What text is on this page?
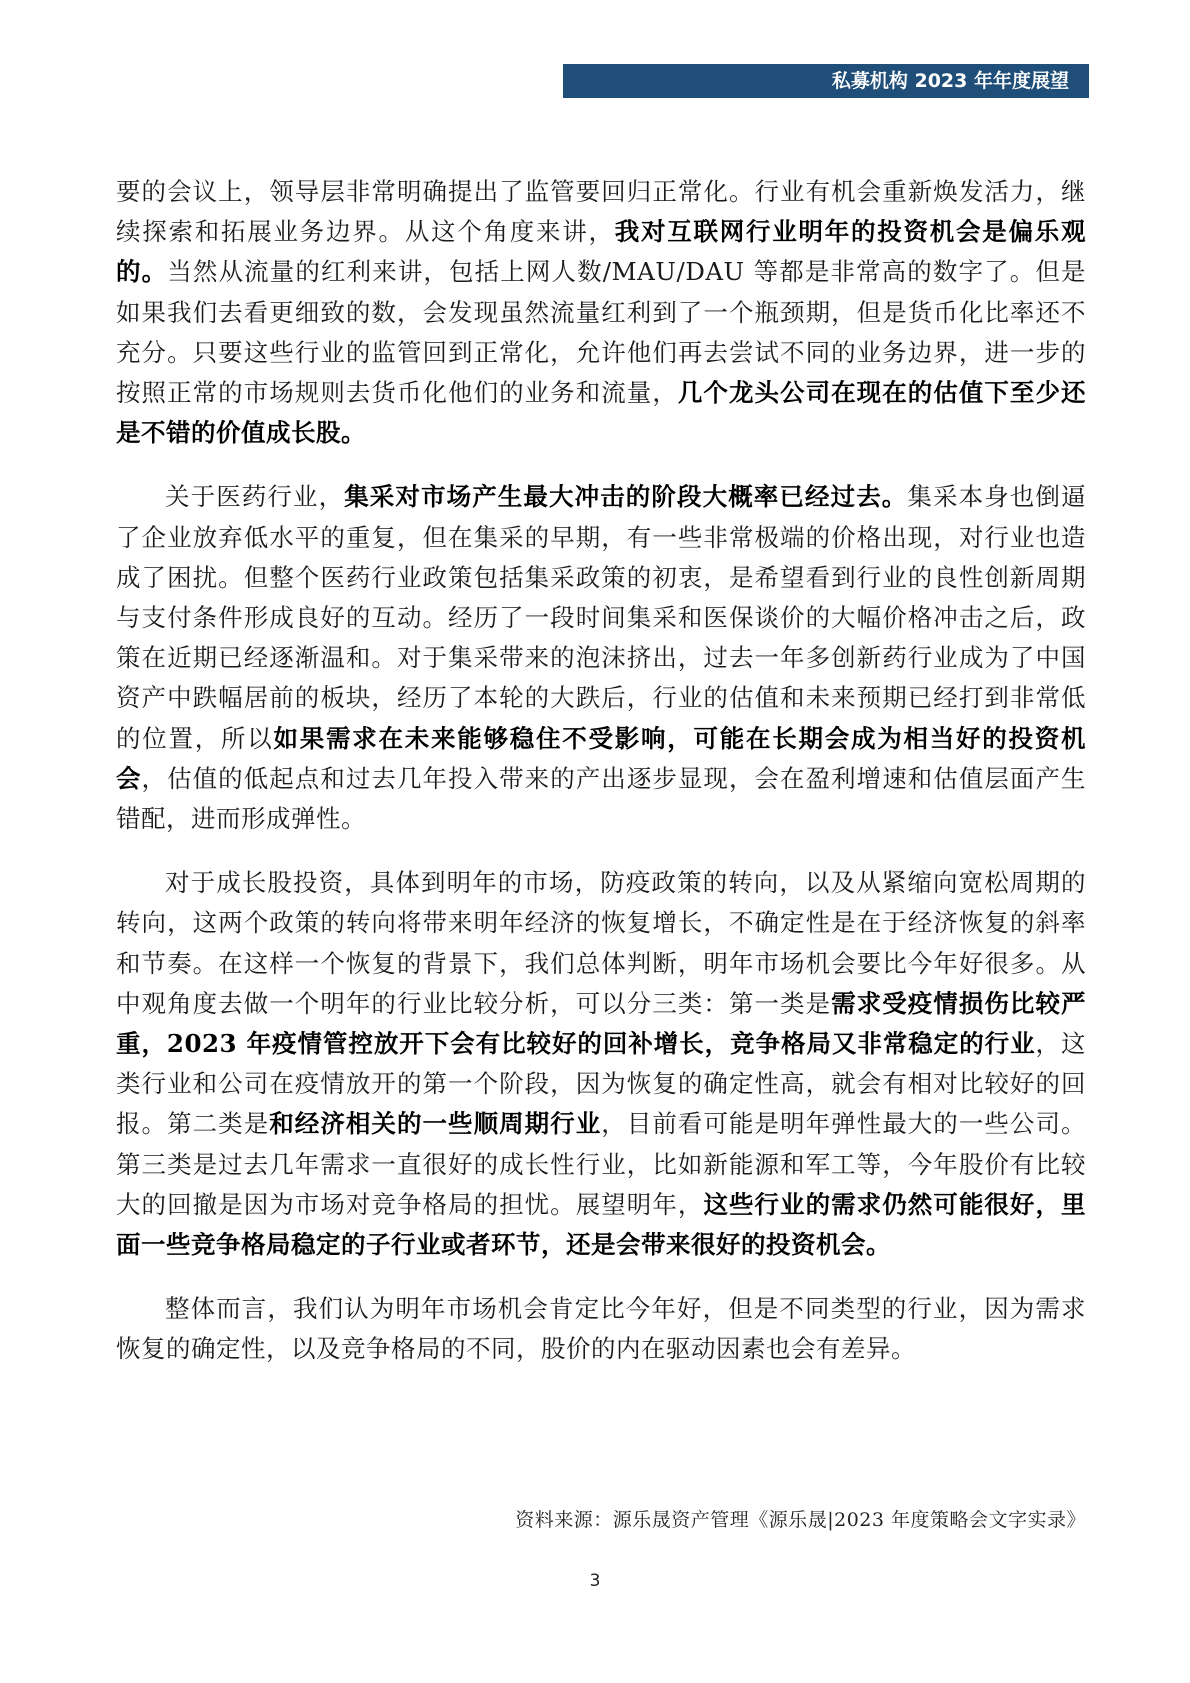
私募机构 2023 年年度展望

要的会议上，领导层非常明确提出了监管要回归正常化。行业有机会重新焕发活力，继续探索和拓展业务边界。从这个角度来讲，我对互联网行业明年的投资机会是偏乐观的。当然从流量的红利来讲，包括上网人数/MAU/DAU 等都是非常高的数字了。但是如果我们去看更细致的数，会发现虽然流量红利到了一个瓶颈期，但是货币化比率还不充分。只要这些行业的监管回到正常化，允许他们再去尝试不同的业务边界，进一步的按照正常的市场规则去货币化他们的业务和流量，几个龙头公司在现在的估值下至少还是不错的价值成长股。

关于医药行业，集采对市场产生最大冲击的阶段大概率已经过去。集采本身也倒逼了企业放弃低水平的重复，但在集采的早期，有一些非常极端的价格出现，对行业也造成了困扰。但整个医药行业政策包括集采政策的初衷，是希望看到行业的良性创新周期与支付条件形成良好的互动。经历了一段时间集采和医保谈价的大幅价格冲击之后，政策在近期已经逐渐温和。对于集采带来的泡沫挤出，过去一年多创新药行业成为了中国资产中跌幅居前的板块，经历了本轮的大跌后，行业的估值和未来预期已经打到非常低的位置，所以如果需求在未来能够稳住不受影响，可能在长期会成为相当好的投资机会，估值的低起点和过去几年投入带来的产出逐步显现，会在盈利增速和估值层面产生错配，进而形成弹性。

对于成长股投资，具体到明年的市场，防疫政策的转向，以及从紧缩向宽松周期的转向，这两个政策的转向将带来明年经济的恢复增长，不确定性是在于经济恢复的斜率和节奏。在这样一个恢复的背景下，我们总体判断，明年市场机会要比今年好很多。从中观角度去做一个明年的行业比较分析，可以分三类：第一类是需求受疫情损伤比较严重，2023 年疫情管控放开下会有比较好的回补增长，竞争格局又非常稳定的行业，这类行业和公司在疫情放开的第一个阶段，因为恢复的确定性高，就会有相对比较好的回报。第二类是和经济相关的一些顺周期行业，目前看可能是明年弹性最大的一些公司。第三类是过去几年需求一直很好的成长性行业，比如新能源和军工等，今年股价有比较大的回撤是因为市场对竞争格局的担忧。展望明年，这些行业的需求仍然可能很好，里面一些竞争格局稳定的子行业或者环节，还是会带来很好的投资机会。

整体而言，我们认为明年市场机会肯定比今年好，但是不同类型的行业，因为需求恢复的确定性，以及竞争格局的不同，股价的内在驱动因素也会有差异。

资料来源：源乐晟资产管理《源乐晟|2023 年度策略会文字实录》
3
